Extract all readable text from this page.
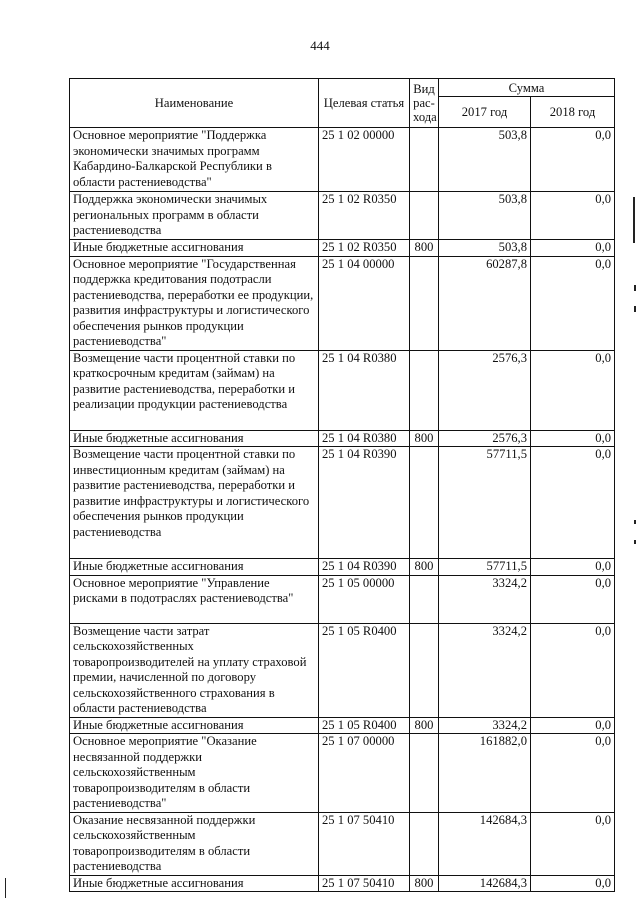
444
Наименование	Целевая статья	Вид рас- хода	Сумма	
			2017 год	2018 год
Основное мероприятие "Поддержка экономически значимых программ Кабардино-Балкарской Республики в области растениеводства"	25 1 02 00000		503,8	0,0
Поддержка экономически значимых региональных программ в области растениеводства	25 1 02 R0350		503,8	0,0
Иные бюджетные ассигнования	25 1 02 R0350	800	503,8	0,0
Основное мероприятие "Государственная поддержка кредитования подотрасли растениеводства, переработки ее продукции, развития инфраструктуры и логистического обеспечения рынков продукции растениеводства"	25 1 04 00000		60287,8	0,0
Возмещение части процентной ставки по краткосрочным кредитам (займам) на развитие растениеводства, переработки и реализации продукции растениеводства	25 1 04 R0380		2576,3	0,0
Иные бюджетные ассигнования	25 1 04 R0380	800	2576,3	0,0
Возмещение части процентной ставки по инвестиционным кредитам (займам) на развитие растениеводства, переработки и развитие инфраструктуры и логистического обеспечения рынков продукции растениеводства	25 1 04 R0390		57711,5	0,0
Иные бюджетные ассигнования	25 1 04 R0390	800	57711,5	0,0
Основное мероприятие "Управление рисками в подотраслях растениеводства"	25 1 05 00000		3324,2	0,0
Возмещение части затрат сельскохозяйственных товаропроизводителей на уплату страховой премии, начисленной по договору сельскохозяйственного страхования в области растениеводства	25 1 05 R0400		3324,2	0,0
Иные бюджетные ассигнования	25 1 05 R0400	800	3324,2	0,0
Основное мероприятие "Оказание несвязанной поддержки сельскохозяйственным товаропроизводителям в области растениеводства"	25 1 07 00000		161882,0	0,0
Оказание несвязанной поддержки сельскохозяйственным товаропроизводителям в области растениеводства	25 1 07 50410		142684,3	0,0
Иные бюджетные ассигнования	25 1 07 50410	800	142684,3	0,0
